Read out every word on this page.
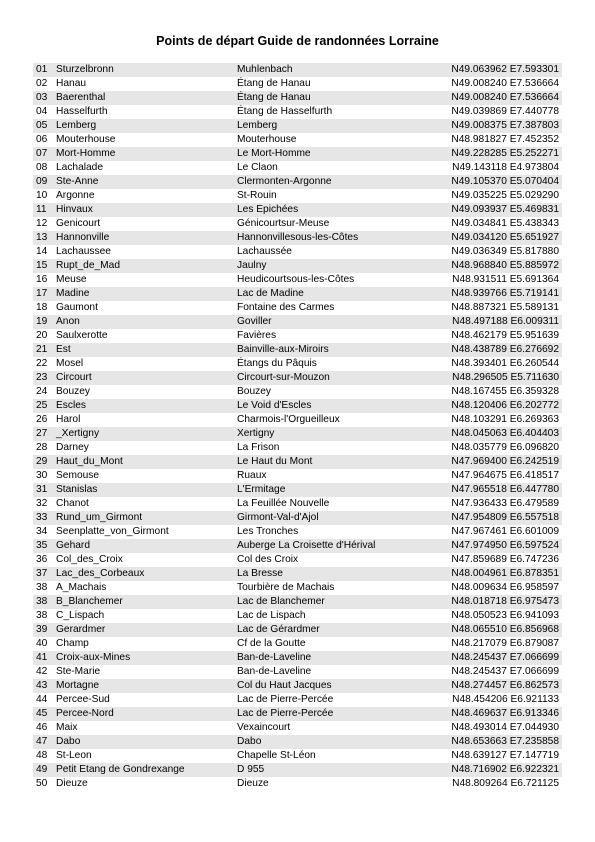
Points de départ Guide de randonnées Lorraine
01 Sturzelbronn	Muhlenbach	N49.063962 E7.593301
02 Hanau	Étang de Hanau	N49.008240 E7.536664
03 Baerenthal	Étang de Hanau	N49.008240 E7.536664
04 Hasselfurth	Étang de Hasselfurth	N49.039869 E7.440778
05 Lemberg	Lemberg	N49.008375 E7.387803
06 Mouterhouse	Mouterhouse	N48.981827 E7.452352
07 Mort-Homme	Le Mort-Homme	N49.228285 E5.252271
08 Lachalade	Le Claon	N49.143118 E4.973804
09 Ste-Anne	Clermonten-Argonne	N49.105370 E5.070404
10 Argonne	St-Rouin	N49.035225 E5.029290
11 Hinvaux	Les Epichées	N49.093937 E5.469831
12 Genicourt	Génicourtsur-Meuse	N49.034841 E5.438343
13 Hannonville	Hannonvillesous-les-Côtes	N49.034120 E5.651927
14 Lachaussee	Lachaussée	N49.036349 E5.817880
15 Rupt_de_Mad	Jaulny	N48.968840 E5.885972
16 Meuse	Heudicourtsous-les-Côtes	N48.931511 E5.691364
17 Madine	Lac de Madine	N48.939766 E5.719141
18 Gaumont	Fontaine des Carmes	N48.887321 E5.589131
19 Anon	Goviller	N48.497188 E6.009311
20 Saulxerotte	Favières	N48.462179 E5.951639
21 Est	Bainville-aux-Miroirs	N48.438789 E6.276692
22 Mosel	Étangs du Pâquis	N48.393401 E6.260544
23 Circourt	Circourt-sur-Mouzon	N48.296505 E5.711630
24 Bouzey	Bouzey	N48.167455 E6.359328
25 Escles	Le Void d'Escles	N48.120406 E6.202772
26 Harol	Charmois-l'Orgueilleux	N48.103291 E6.269363
27 _Xertigny	Xertigny	N48.045063 E6.404403
28 Darney	La Frison	N48.035779 E6.096820
29 Haut_du_Mont	Le Haut du Mont	N47.969400 E6.242519
30 Semouse	Ruaux	N47.964675 E6.418517
31 Stanislas	L'Ermitage	N47.965518 E6.447780
32 Chanot	La Feuillée Nouvelle	N47.936433 E6.479589
33 Rund_um_Girmont	Girmont-Val-d'Ajol	N47.954809 E6.557518
34 Seenplatte_von_Girmont	Les Tronches	N47.967461 E6.601009
35 Gehard	Auberge La Croisette d'Hérival	N47.974950 E6.597524
36 Col_des_Croix	Col des Croix	N47.859689 E6.747236
37 Lac_des_Corbeaux	La Bresse	N48.004961 E6.878351
38 A_Machais	Tourbière de Machais	N48.009634 E6.958597
38 B_Blanchemer	Lac de Blanchemer	N48.018718 E6.975473
38 C_Lispach	Lac de Lispach	N48.050523 E6.941093
39 Gerardmer	Lac de Gérardmer	N48.065510 E6.856968
40 Champ	Cf de la Goutte	N48.217079 E6.879087
41 Croix-aux-Mines	Ban-de-Laveline	N48.245437 E7.066699
42 Ste-Marie	Ban-de-Laveline	N48.245437 E7.066699
43 Mortagne	Col du Haut Jacques	N48.274457 E6.862573
44 Percee-Sud	Lac de Pierre-Percée	N48.454206 E6.921133
45 Percee-Nord	Lac de Pierre-Percée	N48.469637 E6.913346
46 Maix	Vexaincourt	N48.493014 E7.044930
47 Dabo	Dabo	N48.653663 E7.235858
48 St-Leon	Chapelle St-Léon	N48.639127 E7.147719
49 Petit Etang de Gondrexange	D 955	N48.716902 E6.922321
50 Dieuze	Dieuze	N48.809264 E6.721125
